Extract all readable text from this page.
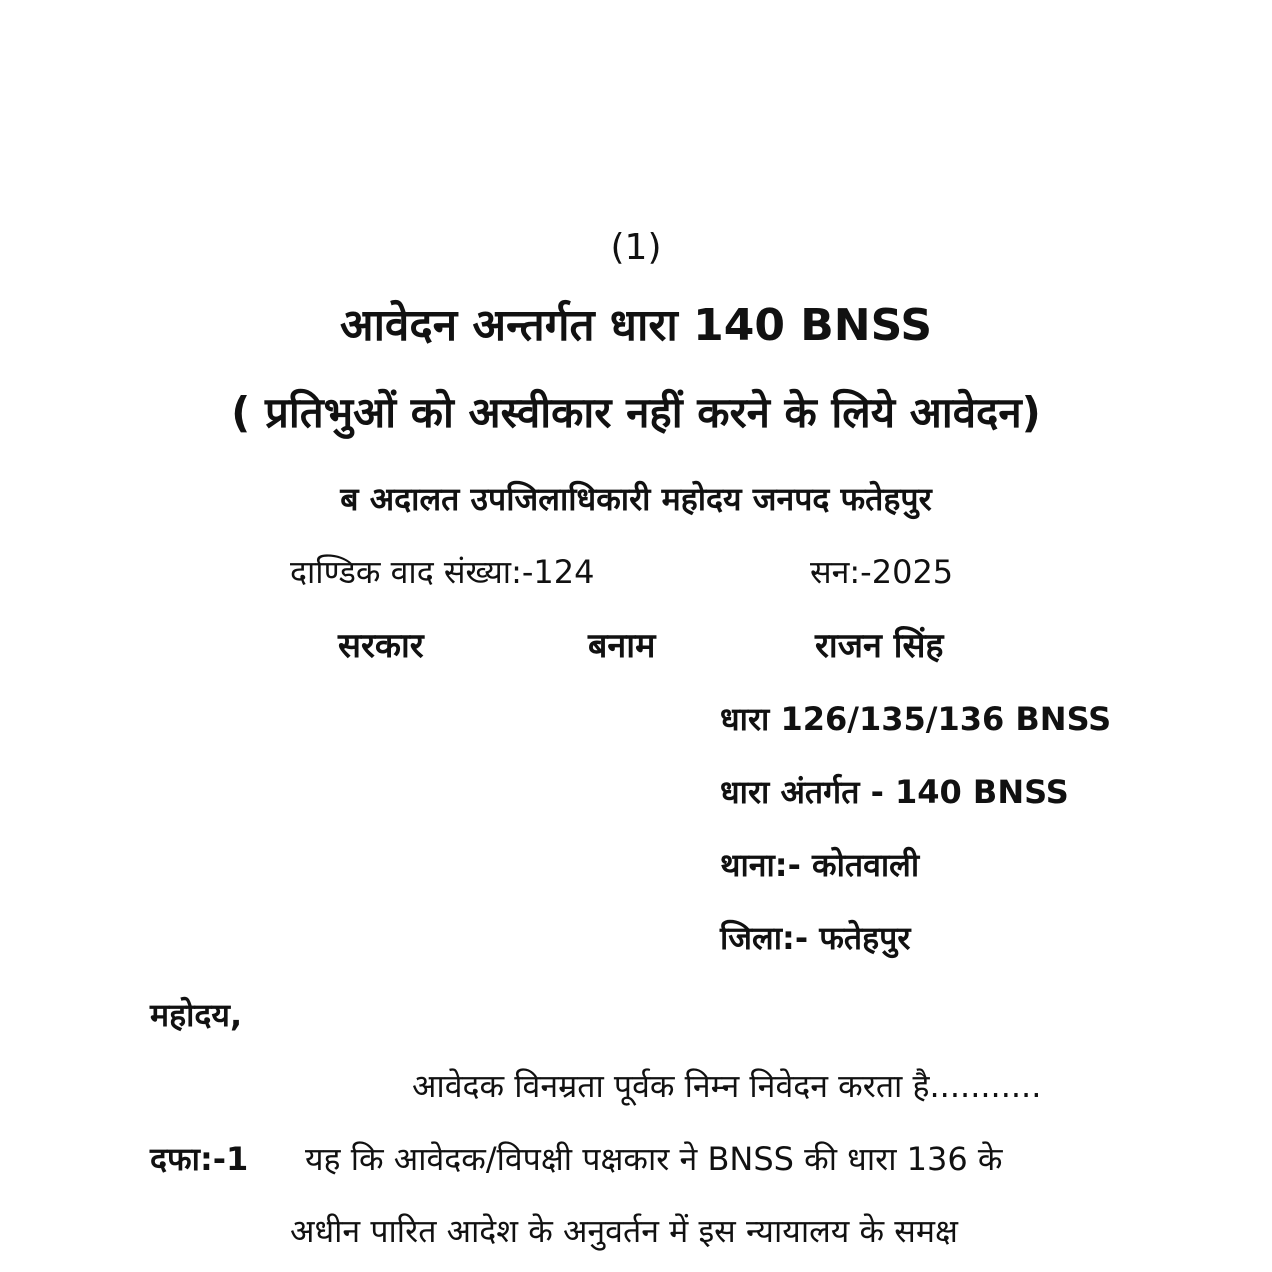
(1)
आवेदन अन्तर्गत धारा 140 BNSS
( प्रतिभुओं को अस्वीकार नहीं करने के लिये आवेदन)
ब अदालत उपजिलाधिकारी महोदय जनपद फतेहपुर
दाण्डिक वाद संख्या:-124	सन:-2025
सरकार	बनाम	राजन सिंह
धारा 126/135/136 BNSS
धारा अंतर्गत - 140 BNSS
थाना:- कोतवाली
जिला:- फतेहपुर
महोदय,
आवेदक विनम्रता पूर्वक निम्न निवेदन करता है...........
दफा:-1 यह कि आवेदक/विपक्षी पक्षकार ने BNSS की धारा 136 के
अधीन पारित आदेश के अनुवर्तन में इस न्यायालय के समक्ष
